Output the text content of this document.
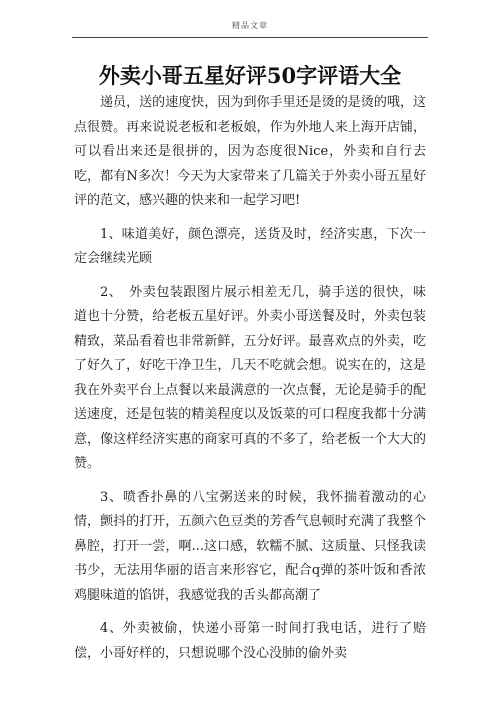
精品文章
外卖小哥五星好评50字评语大全

递员，送的速度快，因为到你手里还是烫的是烫的哦，这点很赞。再来说说老板和老板娘，作为外地人来上海开店铺，可以看出来还是很拼的，因为态度很Nice，外卖和自行去吃，都有N多次！今天为大家带来了几篇关于外卖小哥五星好评的范文，感兴趣的快来和一起学习吧!

1、味道美好，颜色漂亮，送货及时，经济实惠，下次一定会继续光顾

2、　外卖包装跟图片展示相差无几，骑手送的很快，味道也十分赞，给老板五星好评。外卖小哥送餐及时，外卖包装精致，菜品看着也非常新鲜，五分好评。最喜欢点的外卖，吃了好久了，好吃干净卫生，几天不吃就会想。说实在的，这是我在外卖平台上点餐以来最满意的一次点餐，无论是骑手的配送速度，还是包装的精美程度以及饭菜的可口程度我都十分满意，像这样经济实惠的商家可真的不多了，给老板一个大大的赞。

3、喷香扑鼻的八宝粥送来的时候，我怀揣着激动的心情，颤抖的打开，五颜六色豆类的芳香气息顿时充满了我整个鼻腔，打开一尝，啊...这口感，软糯不腻、这质量、只怪我读书少，无法用华丽的语言来形容它，配合q弹的茶叶饭和香浓鸡腿味道的馅饼，我感觉我的舌头都高潮了

4、外卖被偷，快递小哥第一时间打我电话，进行了赔偿，小哥好样的，只想说哪个没心没肺的偷外卖
